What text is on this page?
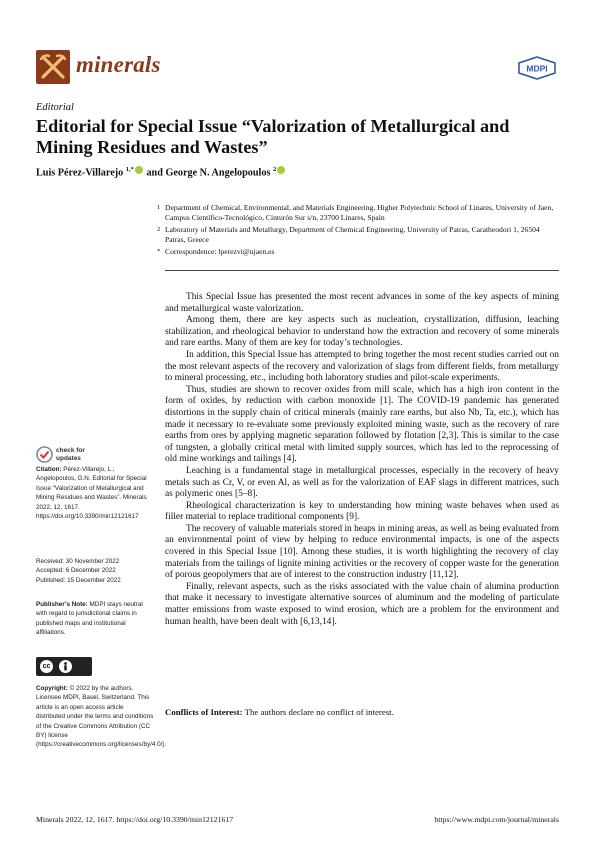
minerals	MDPI
Editorial
Editorial for Special Issue “Valorization of Metallurgical and Mining Residues and Wastes”
Luis Pérez-Villarejo $^{1,*}$ and George N. Angelopoulos $^2$
1 Department of Chemical, Environmental, and Materials Engineering, Higher Polytechnic School of Linares, University of Jaen, Campus Científico-Tecnológico, Cinturón Sur s/n, 23700 Linares, Spain
2 Laboratory of Materials and Metallurgy, Department of Chemical Engineering, University of Patras, Caratheodori 1, 26504 Patras, Greece
* Correspondence: lperezvi@ujaen.es

This Special Issue has presented the most recent advances in some of the key aspects of mining and metallurgical waste valorization.

Among them, there are key aspects such as nucleation, crystallization, diffusion, leaching stabilization, and rheological behavior to understand how the extraction and recovery of some minerals and rare earths. Many of them are key for today’s technologies.

In addition, this Special Issue has attempted to bring together the most recent studies carried out on the most relevant aspects of the recovery and valorization of slags from different fields, from metallurgy to mineral processing, etc., including both laboratory studies and pilot-scale experiments.

Thus, studies are shown to recover oxides from mill scale, which has a high iron content in the form of oxides, by reduction with carbon monoxide [1]. The COVID-19 pandemic has generated distortions in the supply chain of critical minerals (mainly rare earths, but also Nb, Ta, etc.), which has made it necessary to re-evaluate some previously exploited mining waste, such as the recovery of rare earths from ores by applying magnetic separation followed by flotation [2,3]. This is similar to the case of tungsten, a globally critical metal with limited supply sources, which has led to the reprocessing of old mine workings and tailings [4].

Leaching is a fundamental stage in metallurgical processes, especially in the recovery of heavy metals such as Cr, V, or even Al, as well as for the valorization of EAF slags in different matrices, such as polymeric ones [5–8].

Rheological characterization is key to understanding how mining waste behaves when used as filler material to replace traditional components [9].

The recovery of valuable materials stored in heaps in mining areas, as well as being evaluated from an environmental point of view by helping to reduce environmental impacts, is one of the aspects covered in this Special Issue [10]. Among these studies, it is worth highlighting the recovery of clay materials from the tailings of lignite mining activities or the recovery of copper waste for the generation of porous geopolymers that are of interest to the construction industry [11,12].

Finally, relevant aspects, such as the risks associated with the value chain of alumina production that make it necessary to investigate alternative sources of aluminum and the modeling of particulate matter emissions from waste exposed to wind erosion, which are a problem for the environment and human health, have been dealt with [6,13,14].

Conflicts of Interest: The authors declare no conflict of interest.
check for
updates
Citation: Pérez-Villarejo, L.; Angelopoulos, G.N. Editorial for Special Issue “Valorization of Metallurgical and Mining Residues and Wastes”. Minerals 2022, 12, 1617. https://doi.org/10.3390/min12121617
Received: 30 November 2022
Accepted: 6 December 2022
Published: 15 December 2022
Publisher’s Note: MDPI stays neutral with regard to jurisdictional claims in published maps and institutional affiliations.
cc
Copyright: © 2022 by the authors. Licensee MDPI, Basel, Switzerland. This article is an open access article distributed under the terms and conditions of the Creative Commons Attribution (CC BY) license (https://creativecommons.org/licenses/by/4.0/).
Minerals 2022, 12, 1617. https://doi.org/10.3390/min12121617	https://www.mdpi.com/journal/minerals
